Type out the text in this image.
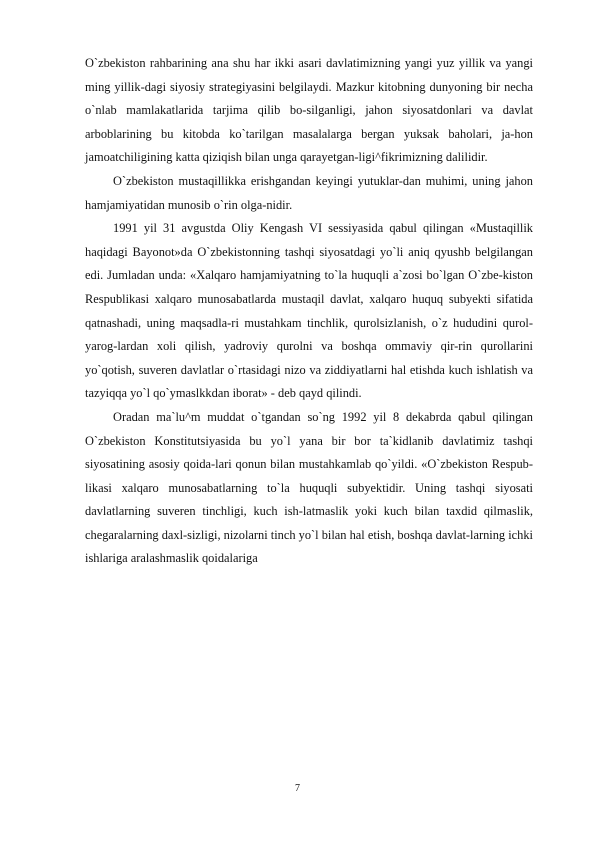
O`zbekiston rahbarining ana shu har ikki asari davlatimizning yangi yuz yillik va yangi ming yillik-dagi siyosiy strategiyasini belgilaydi. Mazkur kitobning dunyoning bir necha o`nlab mamlakatlarida tarjima qilib bo-silganligi, jahon siyosatdonlari va davlat arboblarining bu kitobda ko`tarilgan masalalarga bergan yuksak baholari, ja-hon jamoatchiligining katta qiziqish bilan unga qarayetgan-ligi^fikrimizning dalilidir.

O`zbekiston mustaqillikka erishgandan keyingi yutuklar-dan muhimi, uning jahon hamjamiyatidan munosib o`rin olga-nidir.

1991 yil 31 avgustda Oliy Kengash VI sessiyasida qabul qilingan «Mustaqillik haqidagi Bayonot»da O`zbekistonning tashqi siyosatdagi yo`li aniq qyushb belgilangan edi. Jumladan unda: «Xalqaro hamjamiyatning to`la huquqli a`zosi bo`lgan O`zbe-kiston Respublikasi xalqaro munosabatlarda mustaqil davlat, xalqaro huquq subyekti sifatida qatnashadi, uning maqsadla-ri mustahkam tinchlik, qurolsizlanish, o`z hududini qurol-yarog-lardan xoli qilish, yadroviy qurolni va boshqa ommaviy qir-rin qurollarini yo`qotish, suveren davlatlar o`rtasidagi nizo va ziddiyatlarni hal etishda kuch ishlatish va tazyiqqa yo`l qo`ymaslkkdan iborat» - deb qayd qilindi.

Oradan ma`lu^m muddat o`tgandan so`ng 1992 yil 8 dekabrda qabul qilingan O`zbekiston Konstitutsiyasida bu yo`l yana bir bor ta`kidlanib davlatimiz tashqi siyosatining asosiy qoida-lari qonun bilan mustahkamlab qo`yildi. «O`zbekiston Respub-likasi xalqaro munosabatlarning to`la huquqli subyektidir. Uning tashqi siyosati davlatlarning suveren tinchligi, kuch ish-latmaslik yoki kuch bilan taxdid qilmaslik, chegaralarning daxl-sizligi, nizolarni tinch yo`l bilan hal etish, boshqa davlat-larning ichki ishlariga aralashmaslik qoidalariga

7
